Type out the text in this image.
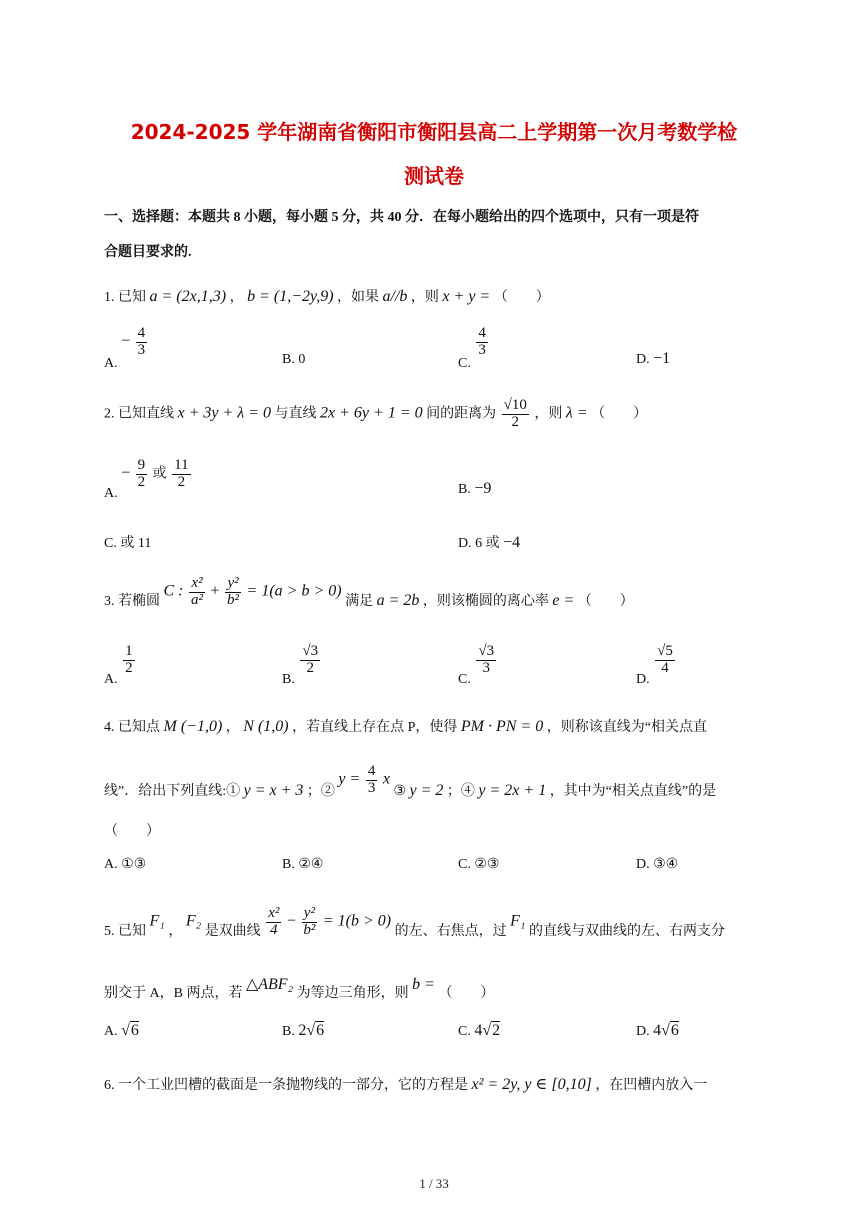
2024-2025 学年湖南省衡阳市衡阳县高二上学期第一次月考数学检
测试卷
一、选择题：本题共 8 小题，每小题 5 分，共 40 分．在每小题给出的四个选项中，只有一项是符
合题目要求的.
1. 已知 a = (2x,1,3) ， b = (1,−2y,9) ，如果 a//b ，则 x + y = （　　）
A. − $\frac{4}{3}$
B. 0	C.
$\frac{4}{3}$
D. −1
2. 已知直线 x + 3y + λ = 0 与直线 2x + 6y + 1 = 0 间的距离为 $\frac{√10}{2}$ ，则 λ = （　　）
A. − $\frac{9}{2}$ 或 $\frac{11}{2}$	B. −9
C. 或 11	D. 6 或 −4
3. 若椭圆 C : $\frac{\text{x²}}{\text{a²}} + \frac{\text{y²}}{\text{b²}} = 1(a > b > 0)$ 满足 a = 2b ，则该椭圆的离心率 e = （　　）
A.
$\frac{1}{2}$
B.
$\frac{√3}{2}$
C.
$\frac{√3}{3}$
D.
$\frac{√5}{4}$
4. 已知点 M (−1,0) ， N (1,0) ，若直线上存在点 P，使得 PM · PN = 0 ，则称该直线为“相关点直
线”．给出下列直线:① y = x + 3 ；② $y = \frac{4}{3}$ x ③ y = 2 ；④ y = 2x + 1 ，其中为“相关点直线”的是
（　　）
A. ①③	B. ②④	C. ②③	D. ③④
5. 已知 F₁ ， F₂ 是双曲线 $\frac{\text{x²}}{4} - \frac{\text{y²}}{\text{b²}} = 1(b > 0)$ 的左、右焦点，过 F₁ 的直线与双曲线的左、右两支分
别交于 A，B 两点，若 △ABF₂ 为等边三角形，则 b = （　　）
A. √6	B. 2√6	C. 4√2	D. 4√6
6. 一个工业凹槽的截面是一条抛物线的一部分，它的方程是 x² = 2y, y ∈ [0,10] ，在凹槽内放入一
1 / 33
